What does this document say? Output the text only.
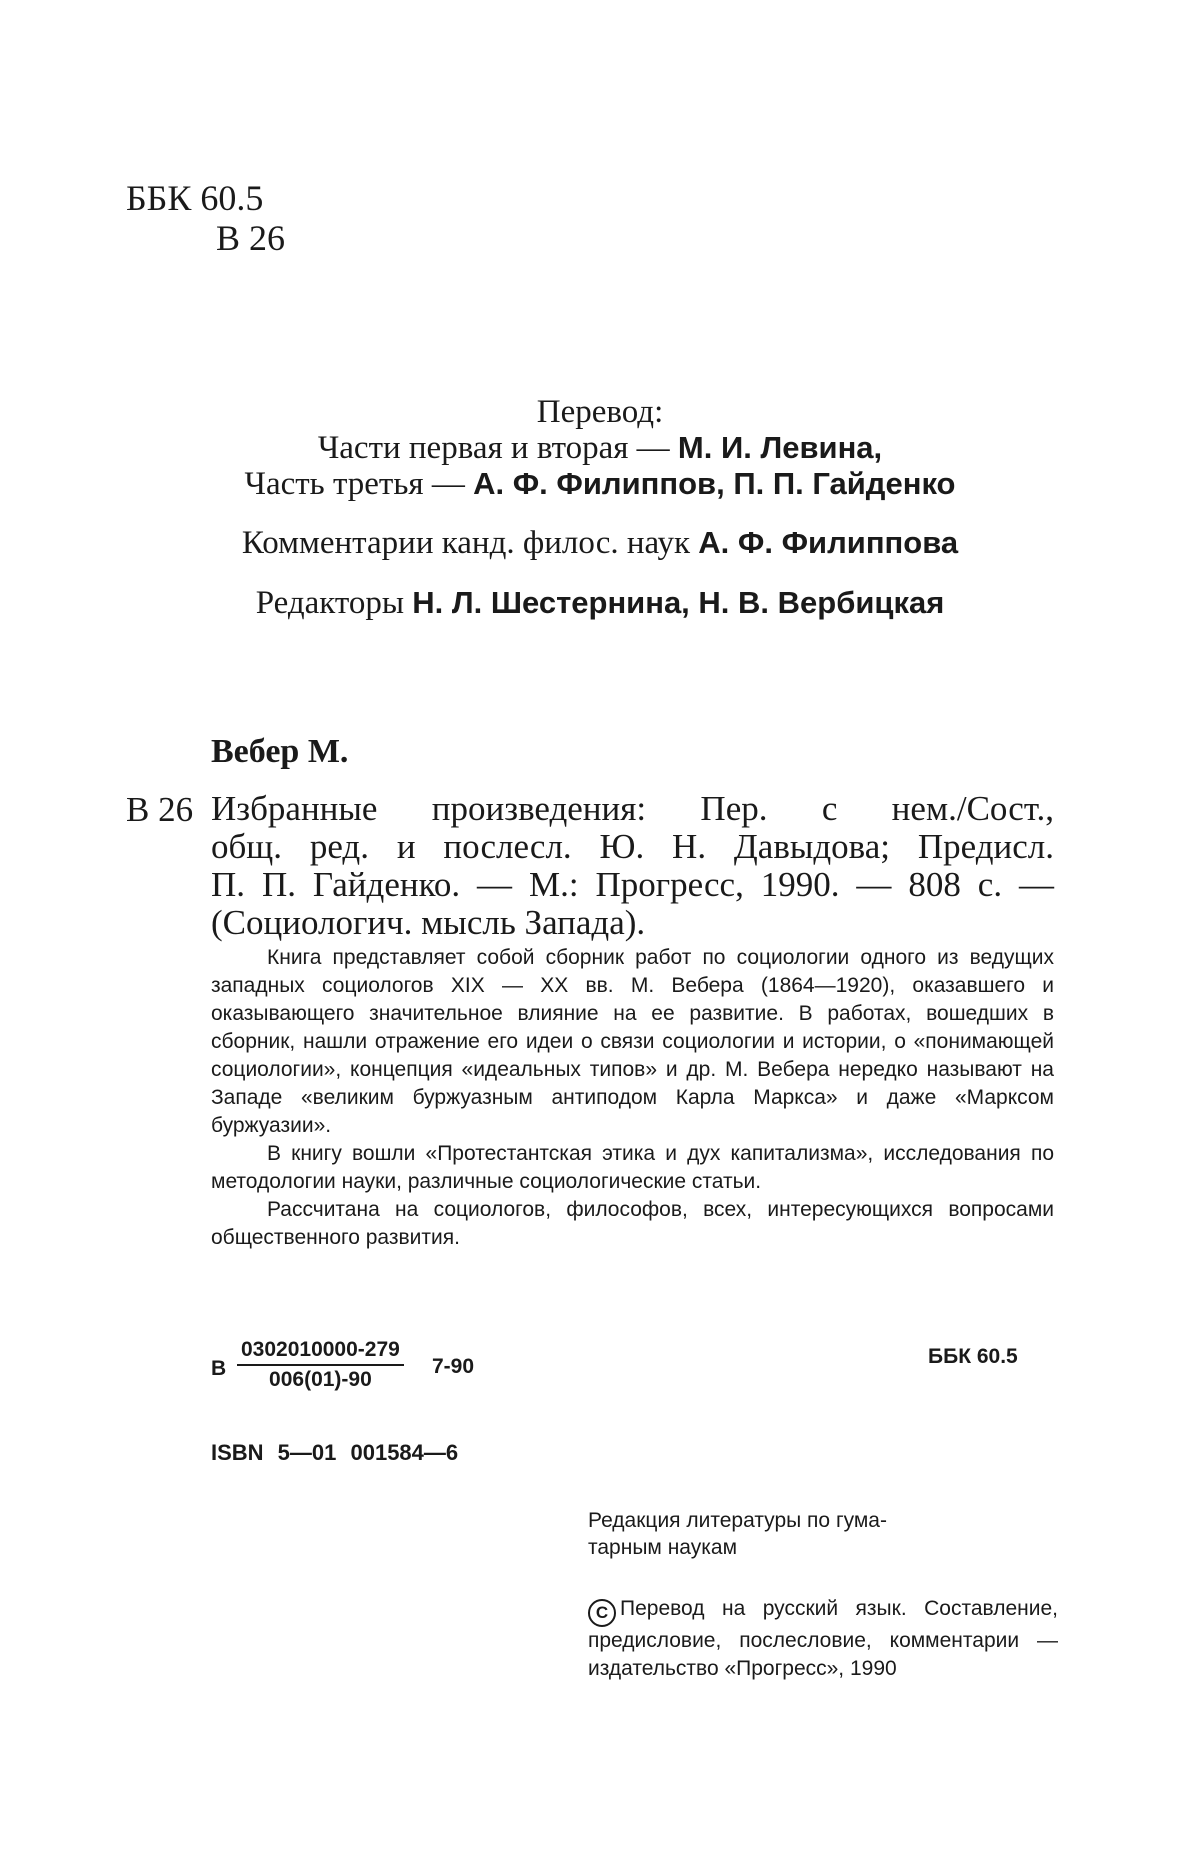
ББК 60.5
В 26
Перевод:
Части первая и вторая — М. И. Левина,
Часть третья — А. Ф. Филиппов, П. П. Гайденко
Комментарии канд. филос. наук А. Ф. Филиппова
Редакторы Н. Л. Шестернина, Н. В. Вербицкая
Вебер М.
В 26 Избранные произведения: Пер. с нем./Сост.,
общ. ред. и послесл. Ю. Н. Давыдова; Предисл.
П. П. Гайденко. — М.: Прогресс, 1990. — 808 с. —
(Социологич. мысль Запада).

Книга представляет собой сборник работ по социологии одного из ведущих западных социологов XIX — XX вв. М. Вебера (1864—1920), оказавшего и оказывающего значительное влияние на ее развитие. В работах, вошедших в сборник, нашли отражение его идеи о связи социологии и истории, о «понимающей социологии», концепция «идеальных типов» и др. М. Вебера нередко называют на Западе «великим буржуазным антиподом Карла Маркса» и даже «Марксом буржуазии».

В книгу вошли «Протестантская этика и дух капитализма», исследования по методологии науки, различные социологические статьи.

Рассчитана на социологов, философов, всех, интересующихся вопросами общественного развития.

В $\frac{0302010000-279}{006(01)-90} 7-90$	ББК 60.5
ISBN 5—01 001584—6
Редакция литературы по гума-
тарным наукам
C Перевод на русский язык. Составление, предисловие, послесловие, комментарии — издательство «Прогресс», 1990
